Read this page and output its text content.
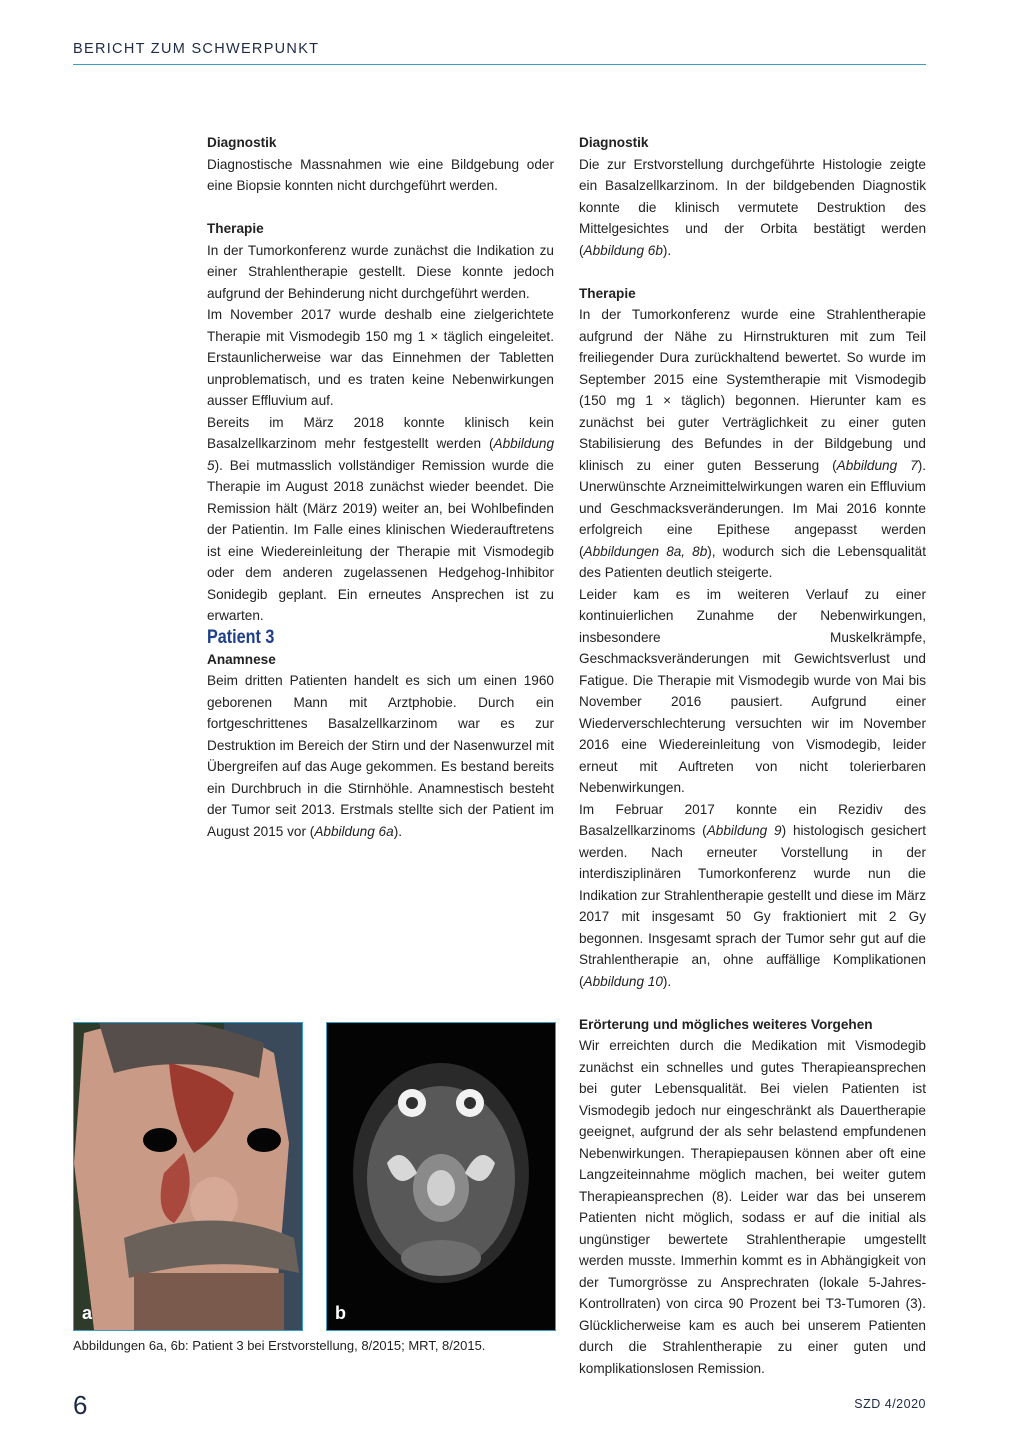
BERICHT ZUM SCHWERPUNKT

Diagnostik

Diagnostische Massnahmen wie eine Bildgebung oder eine Biopsie konnten nicht durchgeführt werden.

Therapie

In der Tumorkonferenz wurde zunächst die Indikation zu einer Strahlentherapie gestellt. Diese konnte jedoch aufgrund der Behinderung nicht durchgeführt werden.

Im November 2017 wurde deshalb eine zielgerichtete Therapie mit Vismodegib 150 mg 1 × täglich eingeleitet. Erstaunlicherweise war das Einnehmen der Tabletten unproblematisch, und es traten keine Nebenwirkungen ausser Effluvium auf.

Bereits im März 2018 konnte klinisch kein Basalzellkarzinom mehr festgestellt werden (Abbildung 5). Bei mutmasslich vollständiger Remission wurde die Therapie im August 2018 zunächst wieder beendet. Die Remission hält (März 2019) weiter an, bei Wohlbefinden der Patientin. Im Falle eines klinischen Wiederauftretens ist eine Wiedereinleitung der Therapie mit Vismodegib oder dem anderen zugelassenen Hedgehog-Inhibitor Sonidegib geplant. Ein erneutes Ansprechen ist zu erwarten.

Patient 3

Anamnese

Beim dritten Patienten handelt es sich um einen 1960 geborenen Mann mit Arztphobie. Durch ein fortgeschrittenes Basalzellkarzinom war es zur Destruktion im Bereich der Stirn und der Nasenwurzel mit Übergreifen auf das Auge gekommen. Es bestand bereits ein Durchbruch in die Stirnhöhle. Anamnestisch besteht der Tumor seit 2013. Erstmals stellte sich der Patient im August 2015 vor (Abbildung 6a).

Diagnostik

Die zur Erstvorstellung durchgeführte Histologie zeigte ein Basalzellkarzinom. In der bildgebenden Diagnostik konnte die klinisch vermutete Destruktion des Mittelgesichtes und der Orbita bestätigt werden (Abbildung 6b).

Therapie

In der Tumorkonferenz wurde eine Strahlentherapie aufgrund der Nähe zu Hirnstrukturen mit zum Teil freiliegender Dura zurückhaltend bewertet. So wurde im September 2015 eine Systemtherapie mit Vismodegib (150 mg 1 × täglich) begonnen. Hierunter kam es zunächst bei guter Verträglichkeit zu einer guten Stabilisierung des Befundes in der Bildgebung und klinisch zu einer guten Besserung (Abbildung 7). Unerwünschte Arzneimittelwirkungen waren ein Effluvium und Geschmacksveränderungen. Im Mai 2016 konnte erfolgreich eine Epithese angepasst werden (Abbildungen 8a, 8b), wodurch sich die Lebensqualität des Patienten deutlich steigerte.

Leider kam es im weiteren Verlauf zu einer kontinuierlichen Zunahme der Nebenwirkungen, insbesondere Muskelkrämpfe, Geschmacksveränderungen mit Gewichtsverlust und Fatigue. Die Therapie mit Vismodegib wurde von Mai bis November 2016 pausiert. Aufgrund einer Wiederverschlechterung versuchten wir im November 2016 eine Wiedereinleitung von Vismodegib, leider erneut mit Auftreten von nicht tolerierbaren Nebenwirkungen.

Im Februar 2017 konnte ein Rezidiv des Basalzellkarzinoms (Abbildung 9) histologisch gesichert werden. Nach erneuter Vorstellung in der interdisziplinären Tumorkonferenz wurde nun die Indikation zur Strahlentherapie gestellt und diese im März 2017 mit insgesamt 50 Gy fraktioniert mit 2 Gy begonnen. Insgesamt sprach der Tumor sehr gut auf die Strahlentherapie an, ohne auffällige Komplikationen (Abbildung 10).

Erörterung und mögliches weiteres Vorgehen

Wir erreichten durch die Medikation mit Vismodegib zunächst ein schnelles und gutes Therapieansprechen bei guter Lebensqualität. Bei vielen Patienten ist Vismodegib jedoch nur eingeschränkt als Dauertherapie geeignet, aufgrund der als sehr belastend empfundenen Nebenwirkungen. Therapiepausen können aber oft eine Langzeiteinnahme möglich machen, bei weiter gutem Therapieansprechen (8). Leider war das bei unserem Patienten nicht möglich, sodass er auf die initial als ungünstiger bewertete Strahlentherapie umgestellt werden musste. Immerhin kommt es in Abhängigkeit von der Tumorgrösse zu Ansprechraten (lokale 5-Jahres-Kontrollraten) von circa 90 Prozent bei T3-Tumoren (3). Glücklicherweise kam es auch bei unserem Patienten durch die Strahlentherapie zu einer guten und komplikationslosen Remission.

a	b
Abbildungen 6a, 6b: Patient 3 bei Erstvorstellung, 8/2015; MRT, 8/2015.
6	SZD 4/2020
